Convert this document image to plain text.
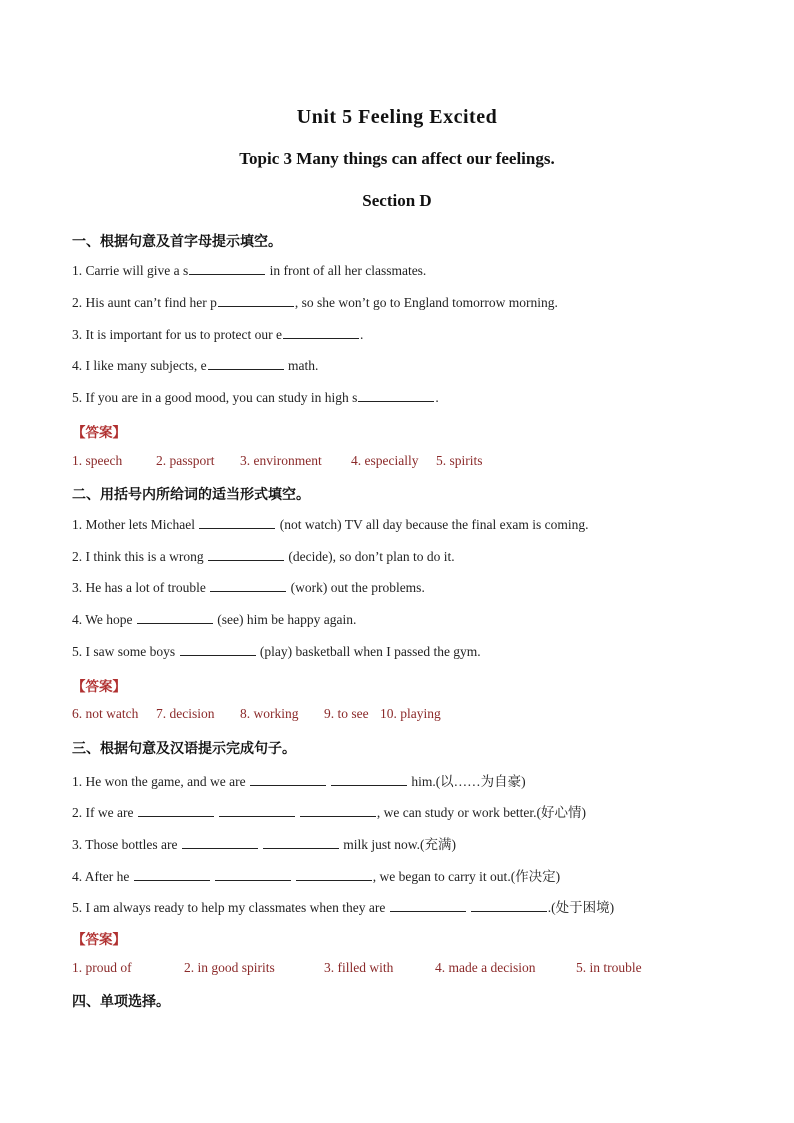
Unit 5 Feeling Excited
Topic 3 Many things can affect our feelings.
Section D
一、根据句意及首字母提示填空。
1. Carrie will give a s	in front of all her classmates.
2. His aunt can’t find her p	, so she won’t go to England tomorrow morning.
3. It is important for us to protect our e	.
4. I like many subjects, e	math.
5. If you are in a good mood, you can study in high s	.
【答案】
1. speech	2. passport 3. environment 4. especially 5. spirits
二、用括号内所给词的适当形式填空。
1. Mother lets Michael	(not watch) TV all day because the final exam is coming.
2. I think this is a wrong	(decide), so don’t plan to do it.
3. He has a lot of trouble	(work) out the problems.
4. We hope	(see) him be happy again.
5. I saw some boys	(play) basketball when I passed the gym.
【答案】
6. not watch 7. decision 8. working 9. to see 10. playing
三、根据句意及汉语提示完成句子。
1. He won the game, and we are	him.(以……为自豪)
2. If we are	, we can study or work better.(好心情)
3. Those bottles are	milk just now.(充满)
4. After he	, we began to carry it out.(作决定)
5. I am always ready to help my classmates when they are	.(处于困境)
【答案】
1. proud of	2. in good spirits	3. filled with	4. made a decision	5. in trouble
四、单项选择。
